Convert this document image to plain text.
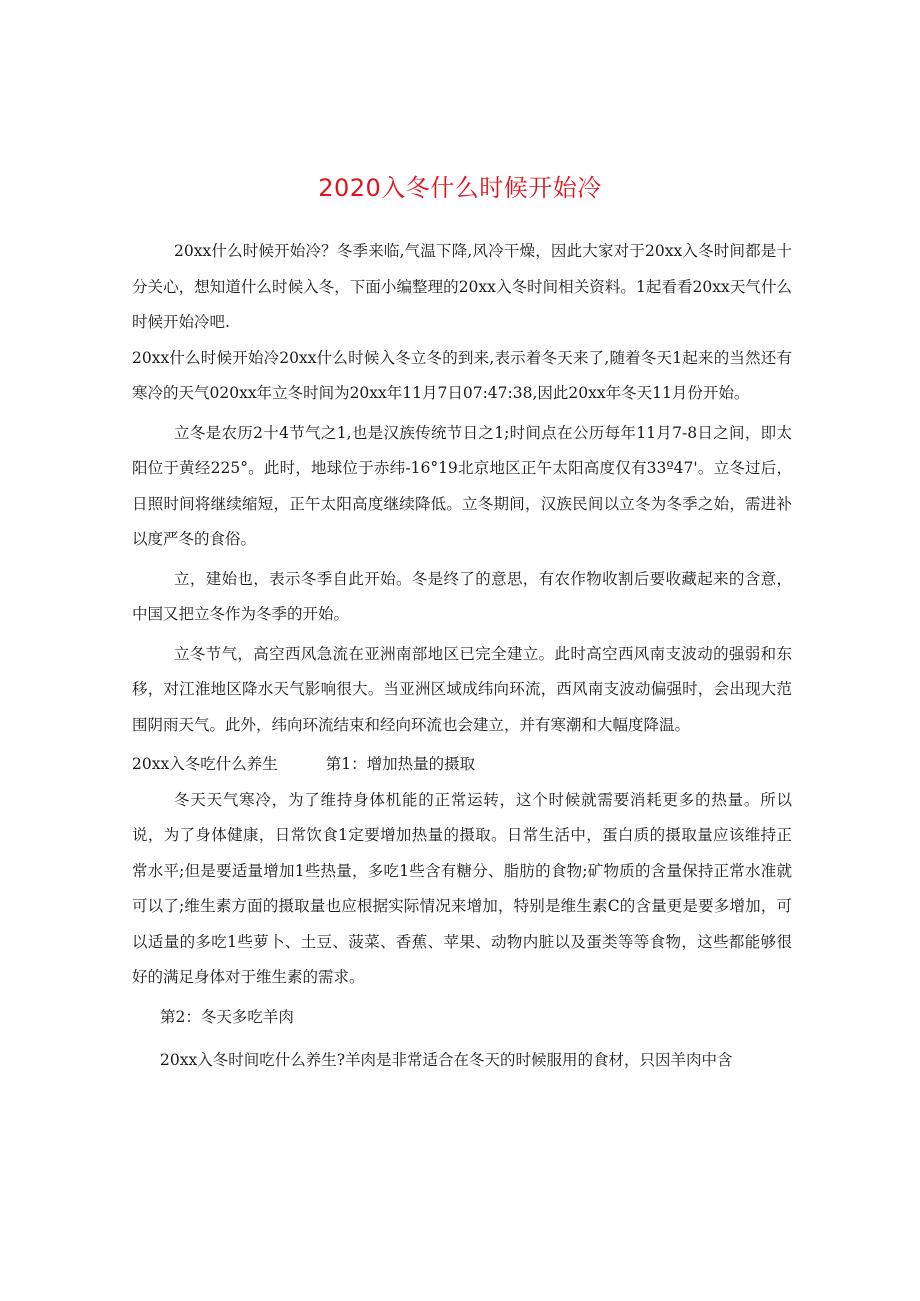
2020入冬什么时候开始冷

20xx什么时候开始冷？冬季来临,气温下降,风冷干燥，因此大家对于20xx入冬时间都是十分关心，想知道什么时候入冬，下面小编整理的20xx入冬时间相关资料。1起看看20xx天气什么时候开始冷吧.

20xx什么时候开始冷20xx什么时候入冬立冬的到来,表示着冬天来了,随着冬天1起来的当然还有寒冷的天气020xx年立冬时间为20xx年11月7日07:47:38,因此20xx年冬天11月份开始。

立冬是农历2十4节气之1,也是汉族传统节日之1;时间点在公历每年11月7-8日之间，即太阳位于黄经225°。此时，地球位于赤纬-16°19北京地区正午太阳高度仅有33º47'。立冬过后，日照时间将继续缩短，正午太阳高度继续降低。立冬期间，汉族民间以立冬为冬季之始，需进补以度严冬的食俗。

立，建始也，表示冬季自此开始。冬是终了的意思，有农作物收割后要收藏起来的含意，中国又把立冬作为冬季的开始。

立冬节气，高空西风急流在亚洲南部地区已完全建立。此时高空西风南支波动的强弱和东移，对江淮地区降水天气影响很大。当亚洲区域成纬向环流，西风南支波动偏强时，会出现大范围阴雨天气。此外，纬向环流结束和经向环流也会建立，并有寒潮和大幅度降温。

20xx入冬吃什么养生	第1：增加热量的摄取

冬天天气寒冷，为了维持身体机能的正常运转，这个时候就需要消耗更多的热量。所以说，为了身体健康，日常饮食1定要增加热量的摄取。日常生活中，蛋白质的摄取量应该维持正常水平;但是要适量增加1些热量，多吃1些含有糖分、脂肪的食物;矿物质的含量保持正常水准就可以了;维生素方面的摄取量也应根据实际情况来增加，特别是维生素C的含量更是要多增加，可以适量的多吃1些萝卜、土豆、菠菜、香蕉、苹果、动物内脏以及蛋类等等食物，这些都能够很好的满足身体对于维生素的需求。

第2：冬天多吃羊肉

20xx入冬时间吃什么养生?羊肉是非常适合在冬天的时候服用的食材，只因羊肉中含
